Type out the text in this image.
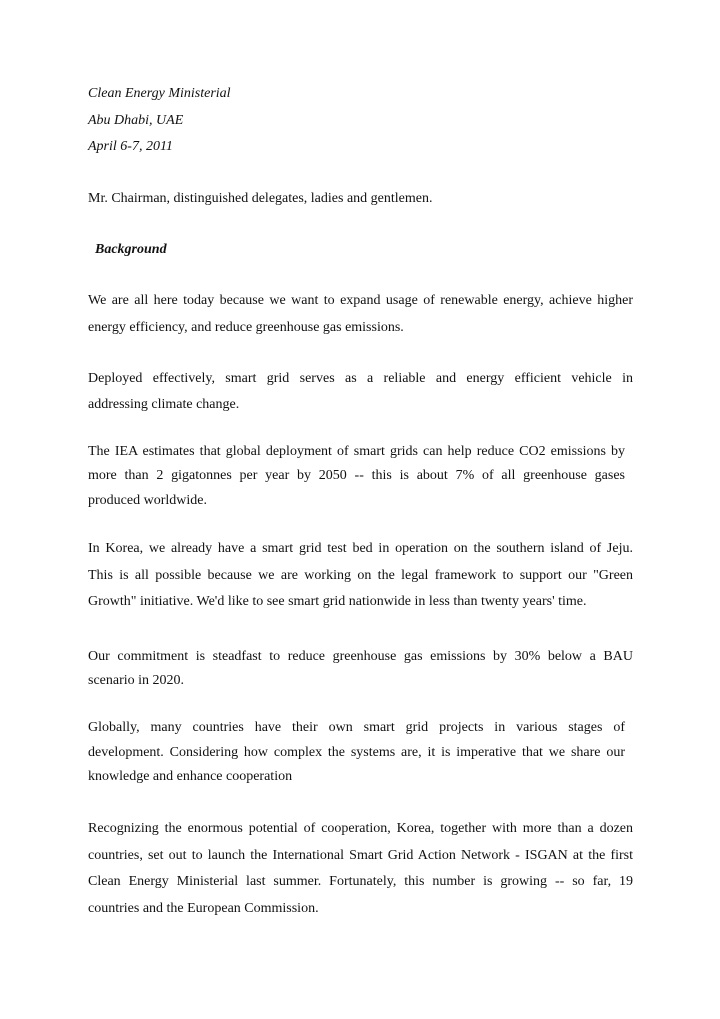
Clean Energy Ministerial
Abu Dhabi, UAE
April 6-7, 2011
Mr. Chairman, distinguished delegates, ladies and gentlemen.
Background
We are all here today because we want to expand usage of renewable energy, achieve higher
energy efficiency, and reduce greenhouse gas emissions.
Deployed effectively, smart grid serves as a reliable and energy efficient vehicle in
addressing climate change.
The IEA estimates that global deployment of smart grids can help reduce CO2 emissions by
more than 2 gigatonnes per year by 2050 -- this is about 7% of all greenhouse gases
produced worldwide.
In Korea, we already have a smart grid test bed in operation on the southern island of Jeju.
This is all possible because we are working on the legal framework to support our "Green
Growth" initiative. We'd like to see smart grid nationwide in less than twenty years' time.
Our commitment is steadfast to reduce greenhouse gas emissions by 30% below a BAU
scenario in 2020.
Globally, many countries have their own smart grid projects in various stages of
development. Considering how complex the systems are, it is imperative that we share our
knowledge and enhance cooperation
Recognizing the enormous potential of cooperation, Korea, together with more than a dozen
countries, set out to launch the International Smart Grid Action Network - ISGAN at the first
Clean Energy Ministerial last summer. Fortunately, this number is growing -- so far, 19
countries and the European Commission.
